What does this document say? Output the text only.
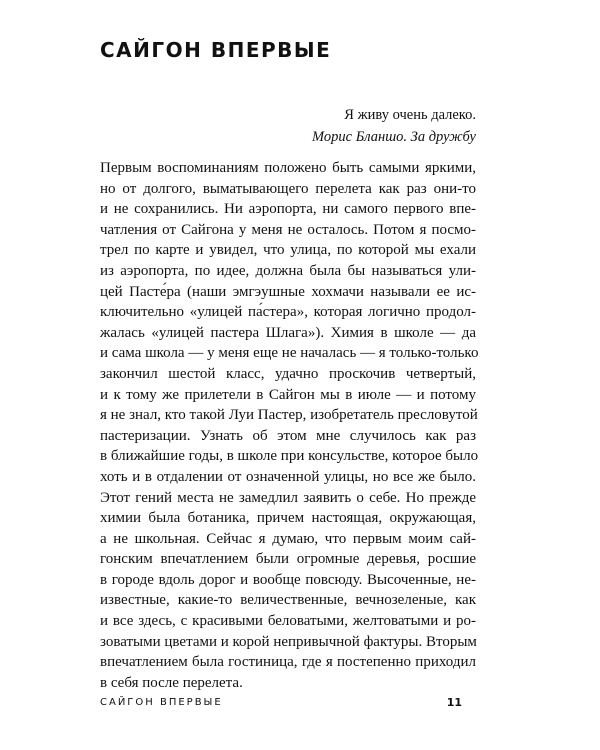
САЙГОН ВПЕРВЫЕ
Я живу очень далеко.
Морис Бланшо. За дружбу
Первым воспоминаниям положено быть самыми яркими,
но от долгого, выматывающего перелета как раз они-то
и не сохранились. Ни аэропорта, ни самого первого впе-
чатления от Сайгона у меня не осталось. Потом я посмо-
трел по карте и увидел, что улица, по которой мы ехали
из аэропорта, по идее, должна была бы называться ули-
цей Пасте́ра (наши эмгэушные хохмачи называли ее ис-
ключительно «улицей па́стера», которая логично продол-
жалась «улицей пастера Шлага»). Химия в школе — да
и сама школа — у меня еще не началась — я только-только
закончил шестой класс, удачно проскочив четвертый,
и к тому же прилетели в Сайгон мы в июле — и потому
я не знал, кто такой Луи Пастер, изобретатель пресловутой
пастеризации. Узнать об этом мне случилось как раз
в ближайшие годы, в школе при консульстве, которое было
хоть и в отдалении от означенной улицы, но все же было.
Этот гений места не замедлил заявить о себе. Но прежде
химии была ботаника, причем настоящая, окружающая,
а не школьная. Сейчас я думаю, что первым моим сай-
гонским впечатлением были огромные деревья, росшие
в городе вдоль дорог и вообще повсюду. Высоченные, не-
известные, какие-то величественные, вечнозеленые, как
и все здесь, с красивыми беловатыми, желтоватыми и ро-
зоватыми цветами и корой непривычной фактуры. Вторым
впечатлением была гостиница, где я постепенно приходил
в себя после перелета.
САЙГОН ВПЕРВЫЕ	11
